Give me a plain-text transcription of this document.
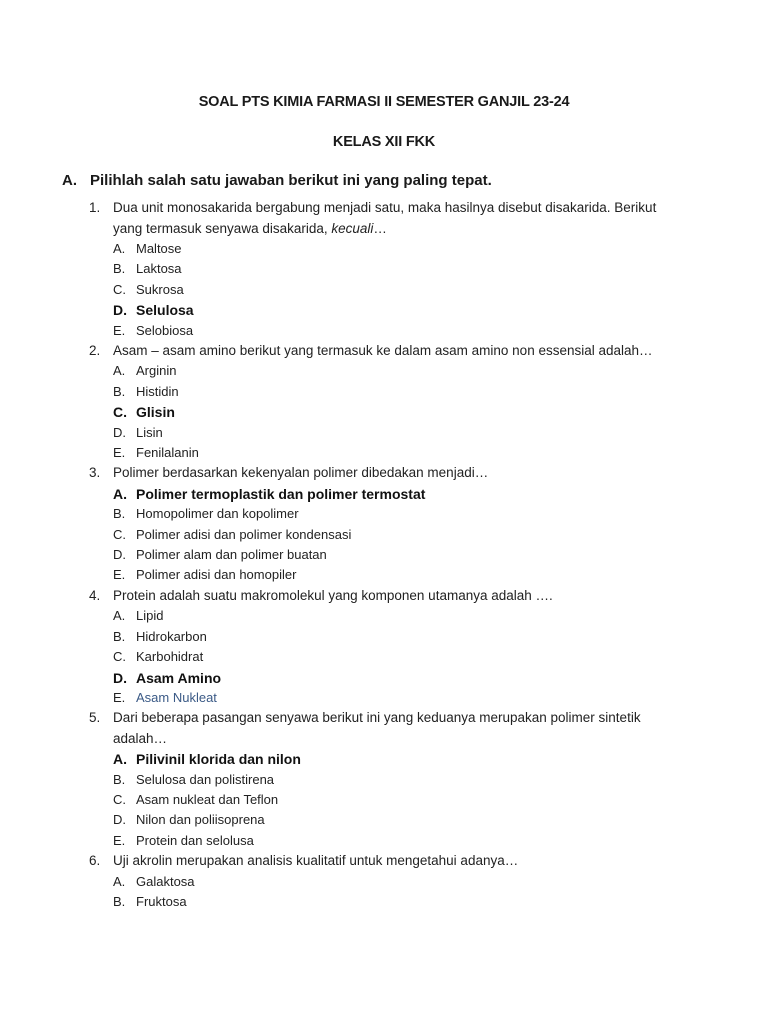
SOAL PTS KIMIA FARMASI II SEMESTER GANJIL 23-24
KELAS XII FKK
A. Pilihlah salah satu jawaban berikut ini yang paling tepat.
1. Dua unit monosakarida bergabung menjadi satu, maka hasilnya disebut disakarida. Berikut yang termasuk senyawa disakarida, kecuali…
A. Maltose
B. Laktosa
C. Sukrosa
D. Selulosa
E. Selobiosa
2. Asam – asam amino berikut yang termasuk ke dalam asam amino non essensial adalah…
A. Arginin
B. Histidin
C. Glisin
D. Lisin
E. Fenilalanin
3. Polimer berdasarkan kekenyalan polimer dibedakan menjadi…
A. Polimer termoplastik dan polimer termostat
B. Homopolimer dan kopolimer
C. Polimer adisi dan polimer kondensasi
D. Polimer alam dan polimer buatan
E. Polimer adisi dan homopiler
4. Protein adalah suatu makromolekul yang komponen utamanya adalah ….
A. Lipid
B. Hidrokarbon
C. Karbohidrat
D. Asam Amino
E. Asam Nukleat
5. Dari beberapa pasangan senyawa berikut ini yang keduanya merupakan polimer sintetik adalah…
A. Pilivinil klorida dan nilon
B. Selulosa dan polistirena
C. Asam nukleat dan Teflon
D. Nilon dan poliisoprena
E. Protein dan selolusa
6. Uji akrolin merupakan analisis kualitatif untuk mengetahui adanya…
A. Galaktosa
B. Fruktosa
